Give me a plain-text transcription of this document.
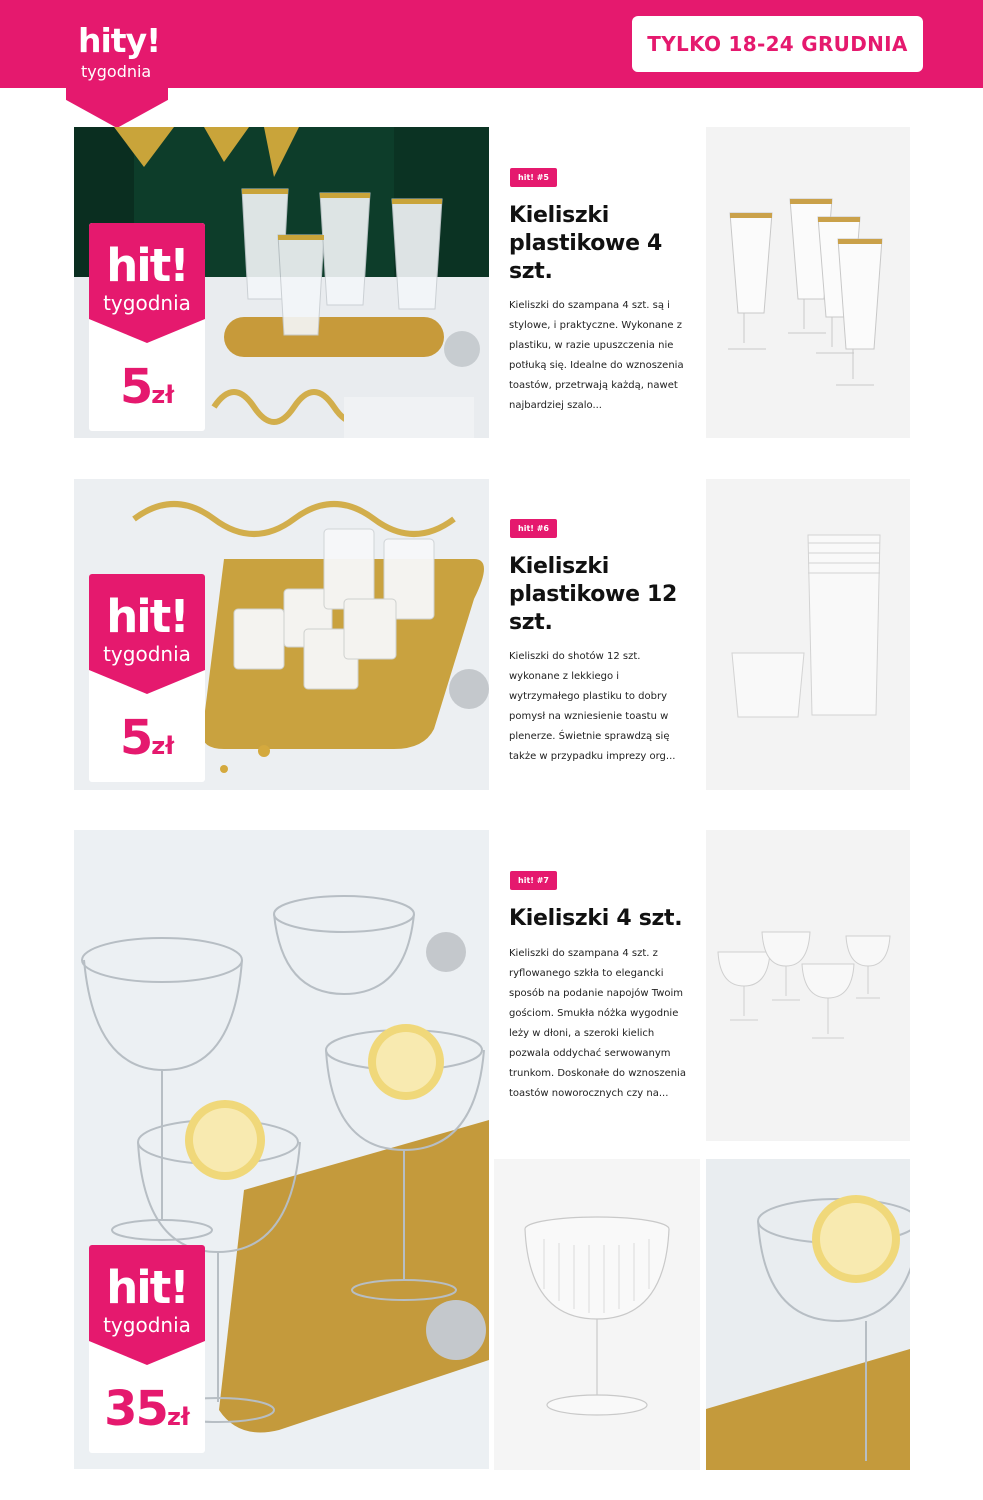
hity!
tygodnia
TYLKO 18-24 GRUDNIA
hit!
tygodnia
5zł
hit! #5
Kieliszki plastikowe 4 szt.
Kieliszki do szampana 4 szt. są i stylowe, i praktyczne. Wykonane z plastiku, w razie upuszczenia nie potłuką się. Idealne do wznoszenia toastów, przetrwają każdą, nawet najbardziej szalo...
hit!
tygodnia
5zł
hit! #6
Kieliszki plastikowe 12 szt.
Kieliszki do shotów 12 szt. wykonane z lekkiego i wytrzymałego plastiku to dobry pomysł na wzniesienie toastu w plenerze. Świetnie sprawdzą się także w przypadku imprezy org...
hit!
tygodnia
35zł
hit! #7
Kieliszki 4 szt.
Kieliszki do szampana 4 szt. z ryflowanego szkła to elegancki sposób na podanie napojów Twoim gościom. Smukła nóżka wygodnie leży w dłoni, a szeroki kielich pozwala oddychać serwowanym trunkom. Doskonałe do wznoszenia toastów noworocznych czy na...
